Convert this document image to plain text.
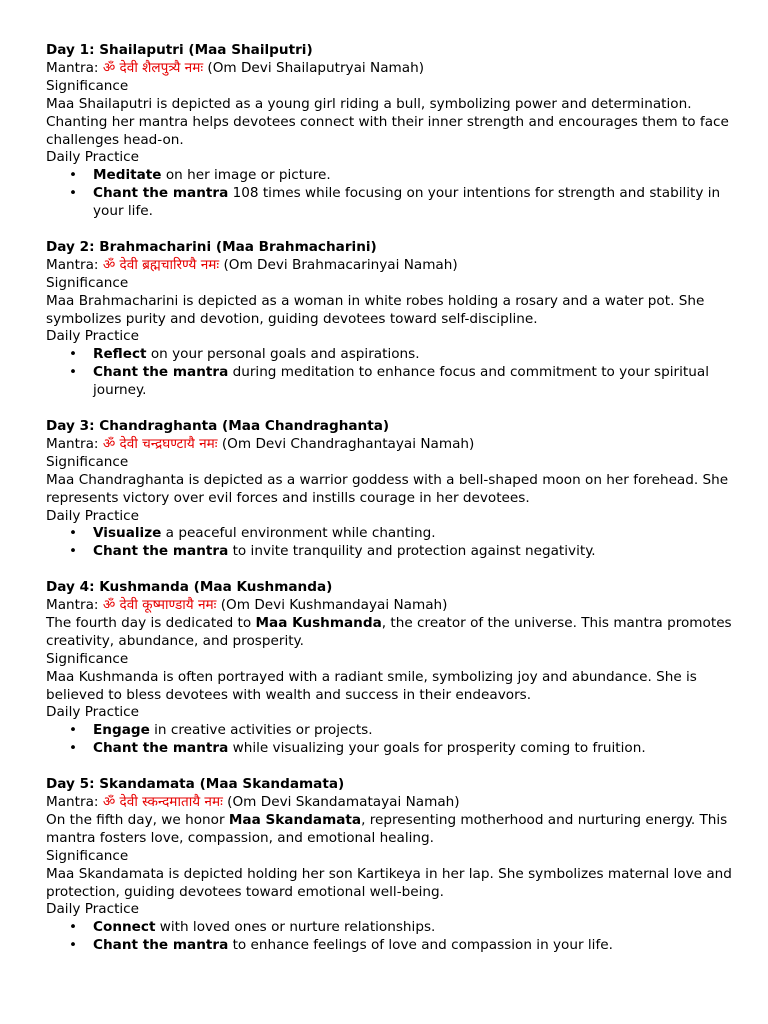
Day 1: Shailaputri (Maa Shailputri)
Mantra: ॐ देवी शैलपुत्र्यै नमः (Om Devi Shailaputryai Namah)
Significance
Maa Shailaputri is depicted as a young girl riding a bull, symbolizing power and determination. Chanting her mantra helps devotees connect with their inner strength and encourages them to face challenges head-on.
Daily Practice
• Meditate on her image or picture.
• Chant the mantra 108 times while focusing on your intentions for strength and stability in your life.
Day 2: Brahmacharini (Maa Brahmacharini)
Mantra: ॐ देवी ब्रह्मचारिण्यै नमः (Om Devi Brahmacarinyai Namah)
Significance
Maa Brahmacharini is depicted as a woman in white robes holding a rosary and a water pot. She symbolizes purity and devotion, guiding devotees toward self-discipline.
Daily Practice
• Reflect on your personal goals and aspirations.
• Chant the mantra during meditation to enhance focus and commitment to your spiritual journey.
Day 3: Chandraghanta (Maa Chandraghanta)
Mantra: ॐ देवी चन्द्रघण्टायै नमः (Om Devi Chandraghantayai Namah)
Significance
Maa Chandraghanta is depicted as a warrior goddess with a bell-shaped moon on her forehead. She represents victory over evil forces and instills courage in her devotees.
Daily Practice
• Visualize a peaceful environment while chanting.
• Chant the mantra to invite tranquility and protection against negativity.
Day 4: Kushmanda (Maa Kushmanda)
Mantra: ॐ देवी कूष्माण्डायै नमः (Om Devi Kushmandayai Namah)
The fourth day is dedicated to Maa Kushmanda, the creator of the universe. This mantra promotes creativity, abundance, and prosperity.
Significance
Maa Kushmanda is often portrayed with a radiant smile, symbolizing joy and abundance. She is believed to bless devotees with wealth and success in their endeavors.
Daily Practice
• Engage in creative activities or projects.
• Chant the mantra while visualizing your goals for prosperity coming to fruition.
Day 5: Skandamata (Maa Skandamata)
Mantra: ॐ देवी स्कन्दमातायै नमः (Om Devi Skandamatayai Namah)
On the fifth day, we honor Maa Skandamata, representing motherhood and nurturing energy. This mantra fosters love, compassion, and emotional healing.
Significance
Maa Skandamata is depicted holding her son Kartikeya in her lap. She symbolizes maternal love and protection, guiding devotees toward emotional well-being.
Daily Practice
• Connect with loved ones or nurture relationships.
• Chant the mantra to enhance feelings of love and compassion in your life.
